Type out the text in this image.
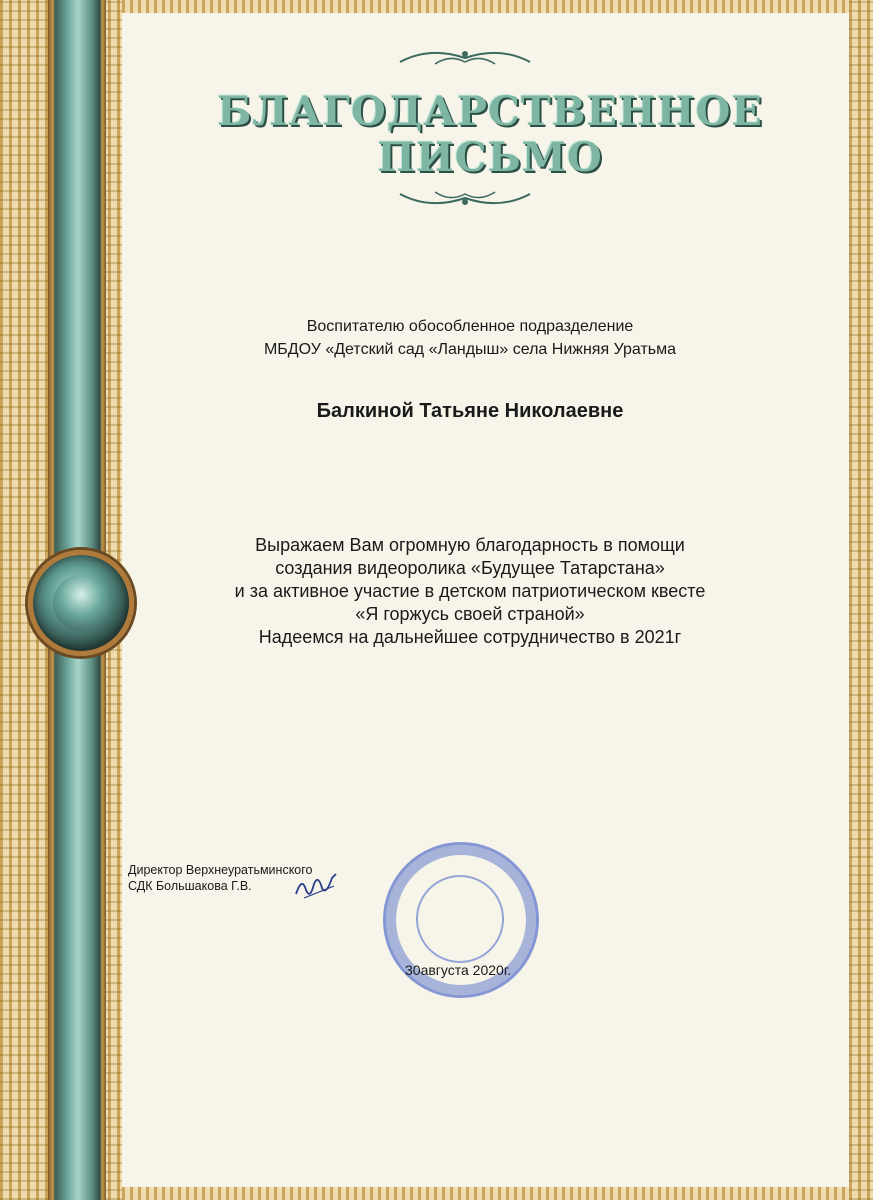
БЛАГОДАРСТВЕННОЕ
ПИСЬМО
Воспитателю обособленное подразделение
МБДОУ «Детский сад «Ландыш» села Нижняя Уратьма
Балкиной Татьяне Николаевне
Выражаем Вам огромную благодарность в помощи
создания видеоролика «Будущее Татарстана»
и за активное участие в детском патриотическом квесте
«Я горжусь своей страной»
Надеемся на дальнейшее сотрудничество в 2021г
Директор Верхнеуратьминского
СДК Большакова Г.В.
30августа 2020г.
